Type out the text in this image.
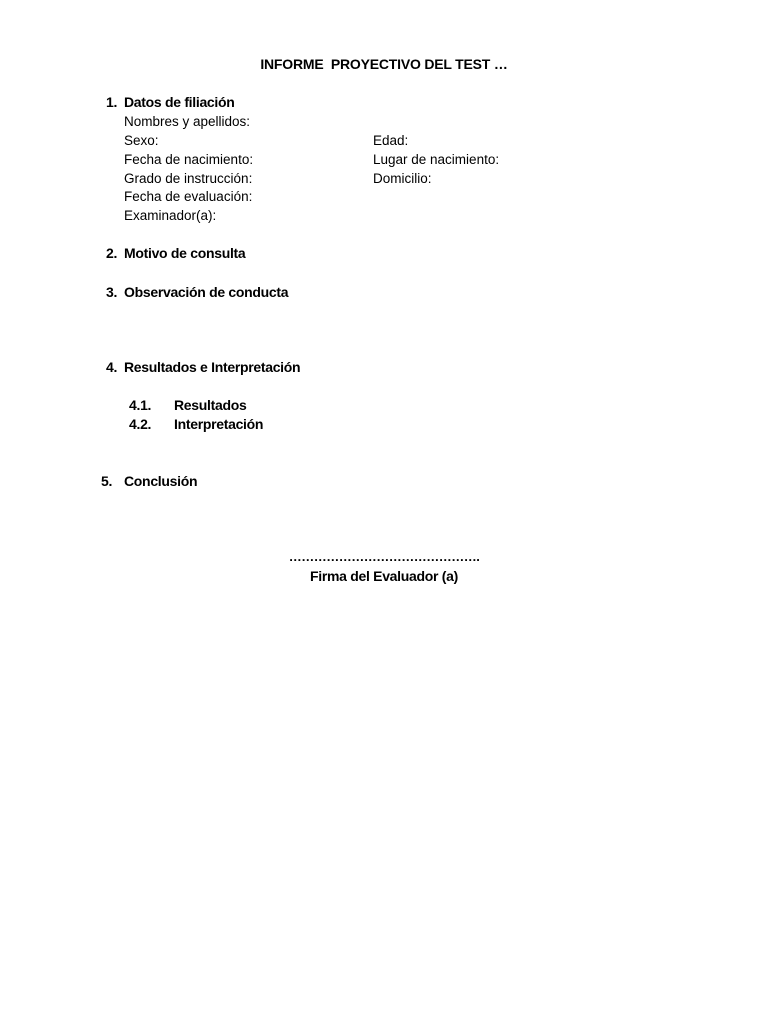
INFORME  PROYECTIVO DEL TEST …
1. Datos de filiación
Nombres y apellidos:
Sexo:	Edad:
Fecha de nacimiento:	Lugar de nacimiento:
Grado de instrucción:	Domicilio:
Fecha de evaluación:
Examinador(a):
2. Motivo de consulta
3. Observación de conducta
4. Resultados e Interpretación
4.1. Resultados
4.2. Interpretación
5. Conclusión
……………………………………….
Firma del Evaluador (a)
